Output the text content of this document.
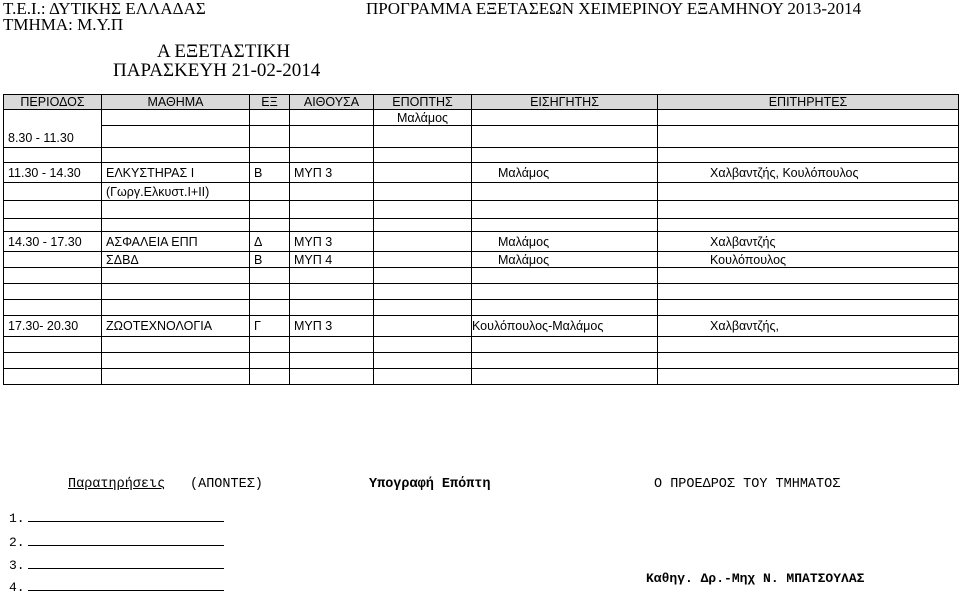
Τ.Ε.Ι.: ΔΥΤΙΚΗΣ ΕΛΛΑΔΑΣ
ΤΜΗΜΑ: Μ.Υ.Π
ΠΡΟΓΡΑΜΜΑ ΕΞΕΤΑΣΕΩΝ ΧΕΙΜΕΡΙΝΟΥ ΕΞΑΜΗΝΟΥ 2013-2014
Α ΕΞΕΤΑΣΤΙΚΗ
ΠΑΡΑΣΚΕΥΗ 21-02-2014
ΠΕΡΙΟΔΟΣ	ΜΑΘΗΜΑ	ΕΞ	ΑΙΘΟΥΣΑ	ΕΠΟΠΤΗΣ	ΕΙΣΗΓΗΤΗΣ	ΕΠΙΤΗΡΗΤΕΣ
8.30 - 11.30				Μαλάμος		

11.30 - 14.30	ΕΛΚΥΣΤΗΡΑΣ Ι	Β	ΜΥΠ 3		Μαλάμος	Χαλβαντζής, Κουλόπουλος
	(Γωργ.Ελκυστ.Ι+ΙΙ)					

14.30 - 17.30	ΑΣΦΑΛΕΙΑ ΕΠΠ	Δ	ΜΥΠ 3		Μαλάμος	Χαλβαντζής
	ΣΔΒΔ	Β	ΜΥΠ 4		Μαλάμος	Κουλόπουλος

17.30- 20.30	ΖΩΟΤΕΧΝΟΛΟΓΙΑ	Γ	ΜΥΠ 3		Κουλόπουλος-Μαλάμος	Χαλβαντζής,

Παρατηρήσεις (ΑΠΟΝΤΕΣ)	Υπογραφή Επόπτη	Ο ΠΡΟΕΔΡΟΣ ΤΟΥ ΤΜΗΜΑΤΟΣ
1.
2.
3.
4.
Καθηγ. Δρ.-Μηχ Ν. ΜΠΑΤΣΟΥΛΑΣ
